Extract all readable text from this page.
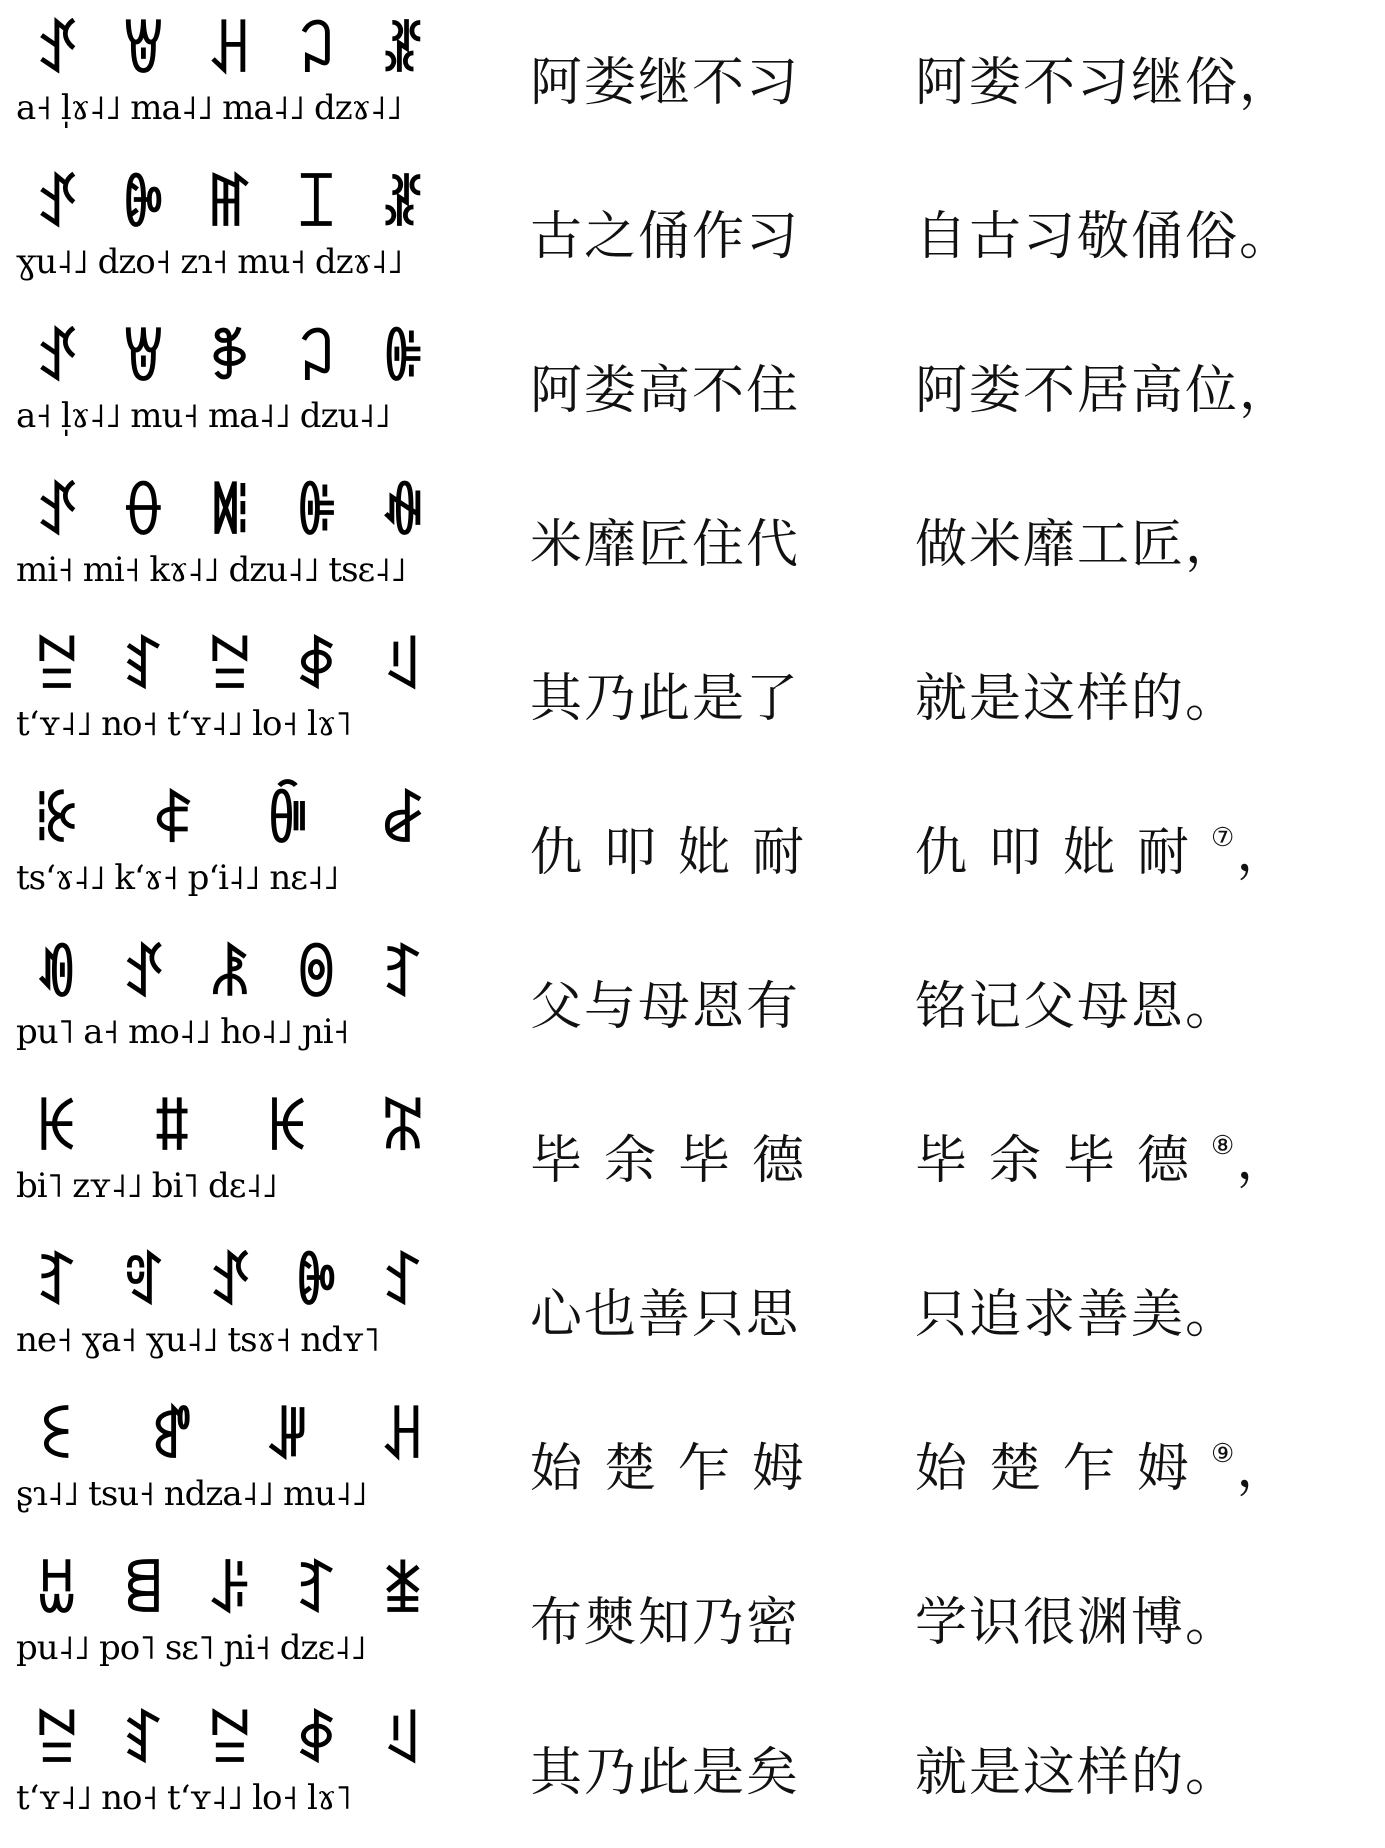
ꀋ ꇐ ꃅ ꃀ ꁬ
a˧ l̩ɤ˨˩ ma˨˩ ma˨˩ dzɤ˨˩	阿娄继不习 阿娄不习继俗，
ꀋ ꐊ ꂵ ꀤ ꁬ
ɣu˨˩ dzo˧ zɿ˧ mu˧ dzɤ˨˩	古之俑作习 自古习敬俑俗。
ꀋ ꇐ ꃆ ꃀ ꍳ
a˧ l̩ɤ˨˩ mu˧ ma˨˩ dzu˨˩	阿娄高不住 阿娄不居高位，
ꀋ ꂷ ꐻ ꍳ ꊿ
mi˧ mi˧ kɤ˨˩ dzu˨˩ tsɛ˨˩	米靡匠住代 做米靡工匠，
ꊂ ꆏ ꊂ ꇉ ꆹ
tʻʏ˨˩ no˧ tʻʏ˨˩ lo˧ lɤ˥	其乃此是了 就是这样的。
ꊭ ꈉ ꀼ ꆀ
tsʻɤ˨˩ kʻɤ˧ pʻi˨˩ nɛ˨˩	仇叩妣耐 仇叩妣耐⑦，
ꀑ ꀋ ꂿ ꉻ ꆈ
pu˥ a˧ mo˨˩ ho˨˩ ɲi˧	父与母恩有 铭记父母恩。
ꀘ ꐚ ꀘ ꄓ
bi˥ zʏ˨˩ bi˥ dɛ˨˩	毕余毕德 毕余毕德⑧，
ꆈ ꑽ ꀋ ꐊ ꉘ
ne˧ ɣa˧ ɣu˨˩ tsɤ˧ ndʏ˥	心也善只思 只追求善美。
ꏂ ꍗ ꎼ ꃅ
ʂɿ˨˩ tsu˧ ndza˨˩ mu˨˩	始楚乍姆 始楚乍姆⑨，
ꀠ ꁌ ꌠ ꆈ ꁧ
pu˨˩ po˥ sɛ˥ ɲi˧ dzɛ˨˩	布僰知乃密 学识很渊博。
ꊂ ꆏ ꊂ ꇉ ꆹ
tʻʏ˨˩ no˧ tʻʏ˨˩ lo˧ lɤ˥	其乃此是矣 就是这样的。
